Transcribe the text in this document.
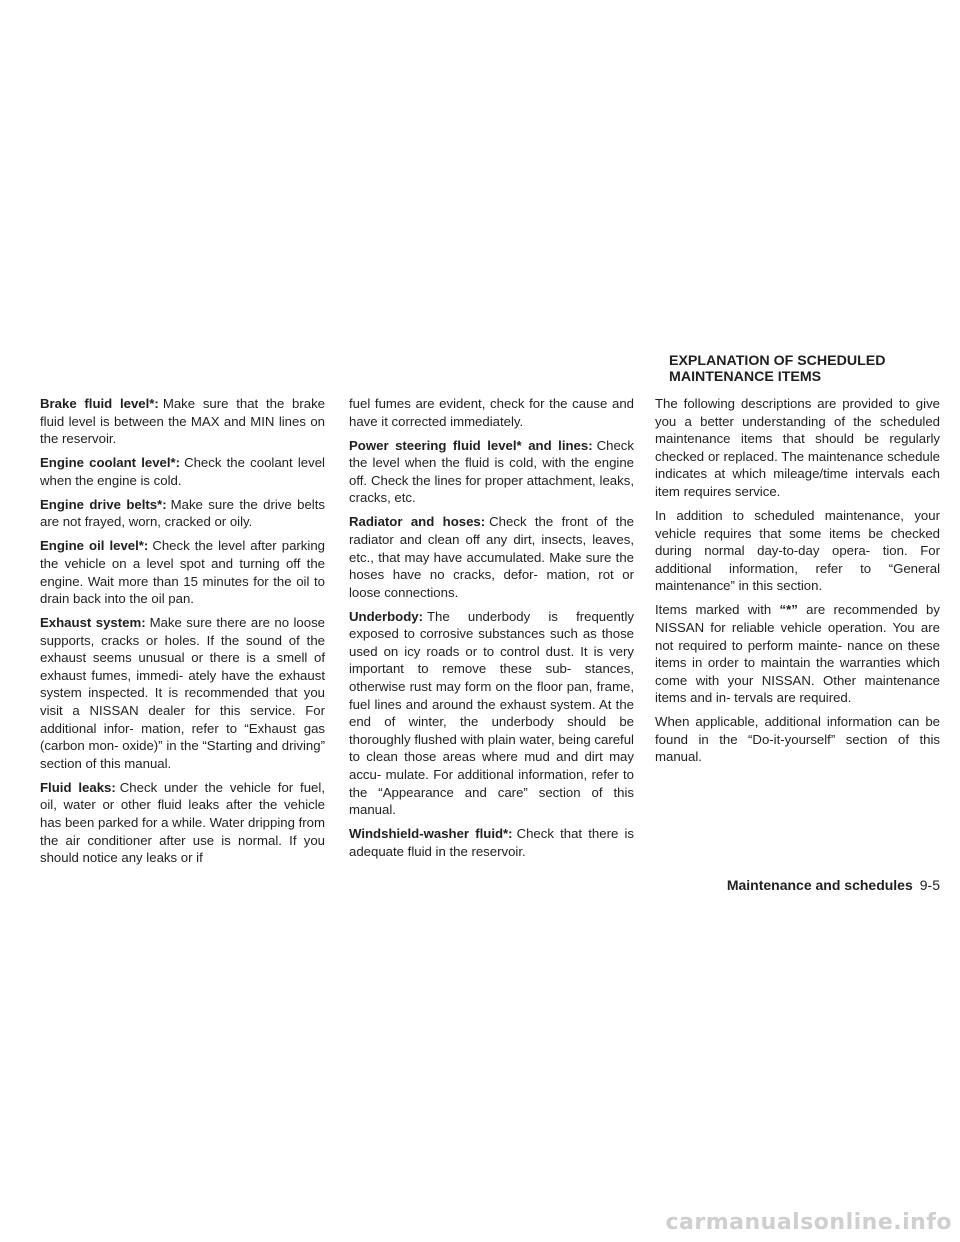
EXPLANATION OF SCHEDULED
MAINTENANCE ITEMS

Brake fluid level*: Make sure that the brake fluid level is between the MAX and MIN lines on the reservoir.

Engine coolant level*: Check the coolant level when the engine is cold.

Engine drive belts*: Make sure the drive belts are not frayed, worn, cracked or oily.

Engine oil level*: Check the level after parking the vehicle on a level spot and turning off the engine. Wait more than 15 minutes for the oil to drain back into the oil pan.

Exhaust system: Make sure there are no loose supports, cracks or holes. If the sound of the exhaust seems unusual or there is a smell of exhaust fumes, immedi- ately have the exhaust system inspected. It is recommended that you visit a NISSAN dealer for this service. For additional infor- mation, refer to “Exhaust gas (carbon mon- oxide)” in the “Starting and driving” section of this manual.

Fluid leaks: Check under the vehicle for fuel, oil, water or other fluid leaks after the vehicle has been parked for a while. Water dripping from the air conditioner after use is normal. If you should notice any leaks or if

fuel fumes are evident, check for the cause and have it corrected immediately.

Power steering fluid level* and lines: Check the level when the fluid is cold, with the engine off. Check the lines for proper attachment, leaks, cracks, etc.

Radiator and hoses: Check the front of the radiator and clean off any dirt, insects, leaves, etc., that may have accumulated. Make sure the hoses have no cracks, defor- mation, rot or loose connections.

Underbody: The underbody is frequently exposed to corrosive substances such as those used on icy roads or to control dust. It is very important to remove these sub- stances, otherwise rust may form on the floor pan, frame, fuel lines and around the exhaust system. At the end of winter, the underbody should be thoroughly flushed with plain water, being careful to clean those areas where mud and dirt may accu- mulate. For additional information, refer to the “Appearance and care” section of this manual.

Windshield-washer fluid*: Check that there is adequate fluid in the reservoir.

The following descriptions are provided to give you a better understanding of the scheduled maintenance items that should be regularly checked or replaced. The maintenance schedule indicates at which mileage/time intervals each item requires service.

In addition to scheduled maintenance, your vehicle requires that some items be checked during normal day-to-day opera- tion. For additional information, refer to “General maintenance” in this section.

Items marked with “*” are recommended by NISSAN for reliable vehicle operation. You are not required to perform mainte- nance on these items in order to maintain the warranties which come with your NISSAN. Other maintenance items and in- tervals are required.

When applicable, additional information can be found in the “Do-it-yourself” section of this manual.

Maintenance and schedules 9-5
carmanualsonline.info
